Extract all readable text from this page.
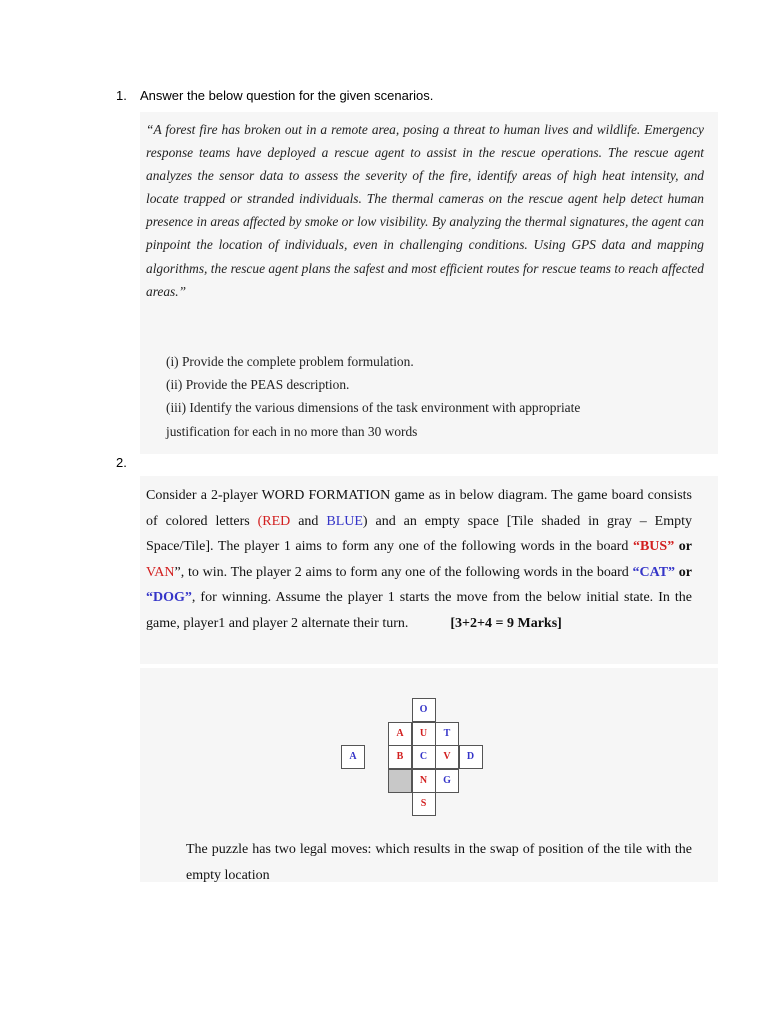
1. Answer the below question for the given scenarios.
“A forest fire has broken out in a remote area, posing a threat to human lives and wildlife. Emergency response teams have deployed a rescue agent to assist in the rescue operations. The rescue agent analyzes the sensor data to assess the severity of the fire, identify areas of high heat intensity, and locate trapped or stranded individuals. The thermal cameras on the rescue agent help detect human presence in areas affected by smoke or low visibility. By analyzing the thermal signatures, the agent can pinpoint the location of individuals, even in challenging conditions. Using GPS data and mapping algorithms, the rescue agent plans the safest and most efficient routes for rescue teams to reach affected areas.”
(i) Provide the complete problem formulation.
(ii) Provide the PEAS description.
(iii) Identify the various dimensions of the task environment with appropriate
justification for each in no more than 30 words
2.
Consider a 2-player WORD FORMATION game as in below diagram. The game board consists of colored letters (RED and BLUE) and an empty space [Tile shaded in gray – Empty Space/Tile]. The player 1 aims to form any one of the following words in the board “BUS” or VAN”, to win. The player 2 aims to form any one of the following words in the board “CAT” or “DOG”, for winning. Assume the player 1 starts the move from the below initial state. In the game, player1 and player 2 alternate their turn.	[3+2+4 = 9 Marks]
O
A	U	T
A	B	C	V	D
N	G
S
The puzzle has two legal moves: which results in the swap of position of the tile with the empty location
